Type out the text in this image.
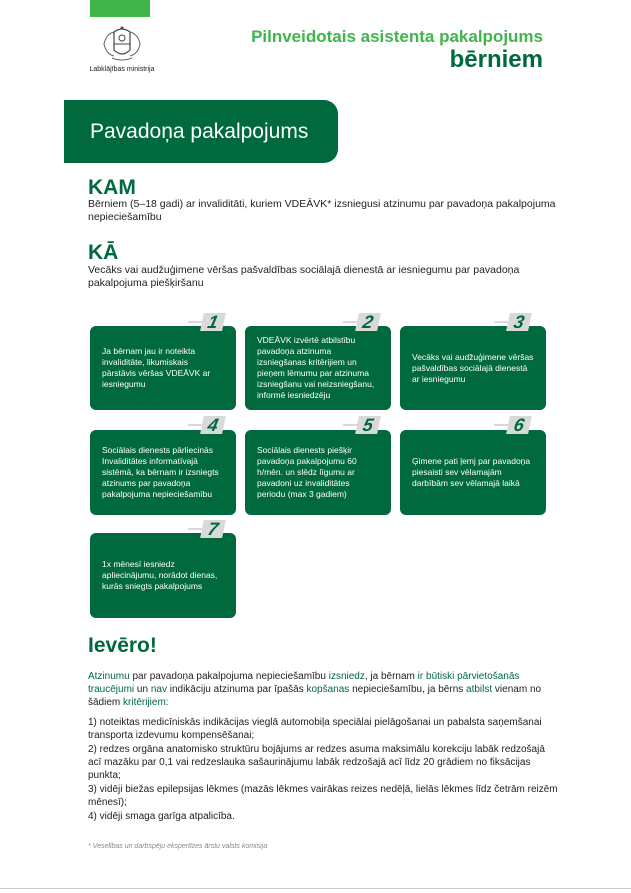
Labklājības ministrija
Pilnveidotais asistenta pakalpojums
bērniem
Pavadoņa pakalpojums
KAM
Bērniem (5–18 gadi) ar invaliditāti, kuriem VDEĀVK* izsniegusi atzinumu par pavadoņa pakalpojuma nepieciešamību
KĀ
Vecāks vai audžuģimene vēršas pašvaldības sociālajā dienestā ar iesniegumu par pavadoņa pakalpojuma piešķiršanu
Ja bērnam jau ir noteikta invaliditāte, likumiskais pārstāvis vēršas VDEĀVK ar iesniegumu
1
VDEĀVK izvērtē atbilstību pavadoņa atzinuma izsniegšanas kritērijiem un pieņem lēmumu par atzinuma izsniegšanu vai neizsniegšanu, informē iesniedzēju
2
Vecāks vai audžuģimene vēršas pašvaldības sociālajā dienestā ar iesniegumu
3
Sociālais dienests pārliecinās Invaliditātes informatīvajā sistēmā, ka bērnam ir izsniegts atzinums par pavadoņa pakalpojuma nepieciešamību
4
Sociālais dienests piešķir pavadoņa pakalpojumu 60 h/mēn. un slēdz līgumu ar pavadoni uz invaliditātes periodu (max 3 gadiem)
5
Ģimene pati ļemj par pavadoņa piesaisti sev vēlamajām darbībām sev vēlamajā laikā
6
1x mēnesī iesniedz apliecinājumu, norādot dienas, kurās sniegts pakalpojums
7
Ievēro!
Atzinumu par pavadoņa pakalpojuma nepieciešamību izsniedz, ja bērnam ir būtiski pārvietošanās traucējumi un nav indikāciju atzinuma par īpašās kopšanas nepieciešamību, ja bērns atbilst vienam no šādiem kritērijiem:
1) noteiktas medicīniskās indikācijas vieglā automobiļa speciālai pielāgošanai un pabalsta saņemšanai transporta izdevumu kompensēšanai;
2) redzes orgāna anatomisko struktūru bojājums ar redzes asuma maksimālu korekciju labāk redzošajā acī mazāku par 0,1 vai redzeslauka sašaurinājumu labāk redzošajā acī līdz 20 grādiem no fiksācijas punkta;
3) vidēji biežas epilepsijas lēkmes (mazās lēkmes vairākas reizes nedēļā, lielās lēkmes līdz četrām reizēm mēnesī);
4) vidēji smaga garīga atpalicība.
* Veselības un darbspēju ekspertīzes ārstu valsts komisija
